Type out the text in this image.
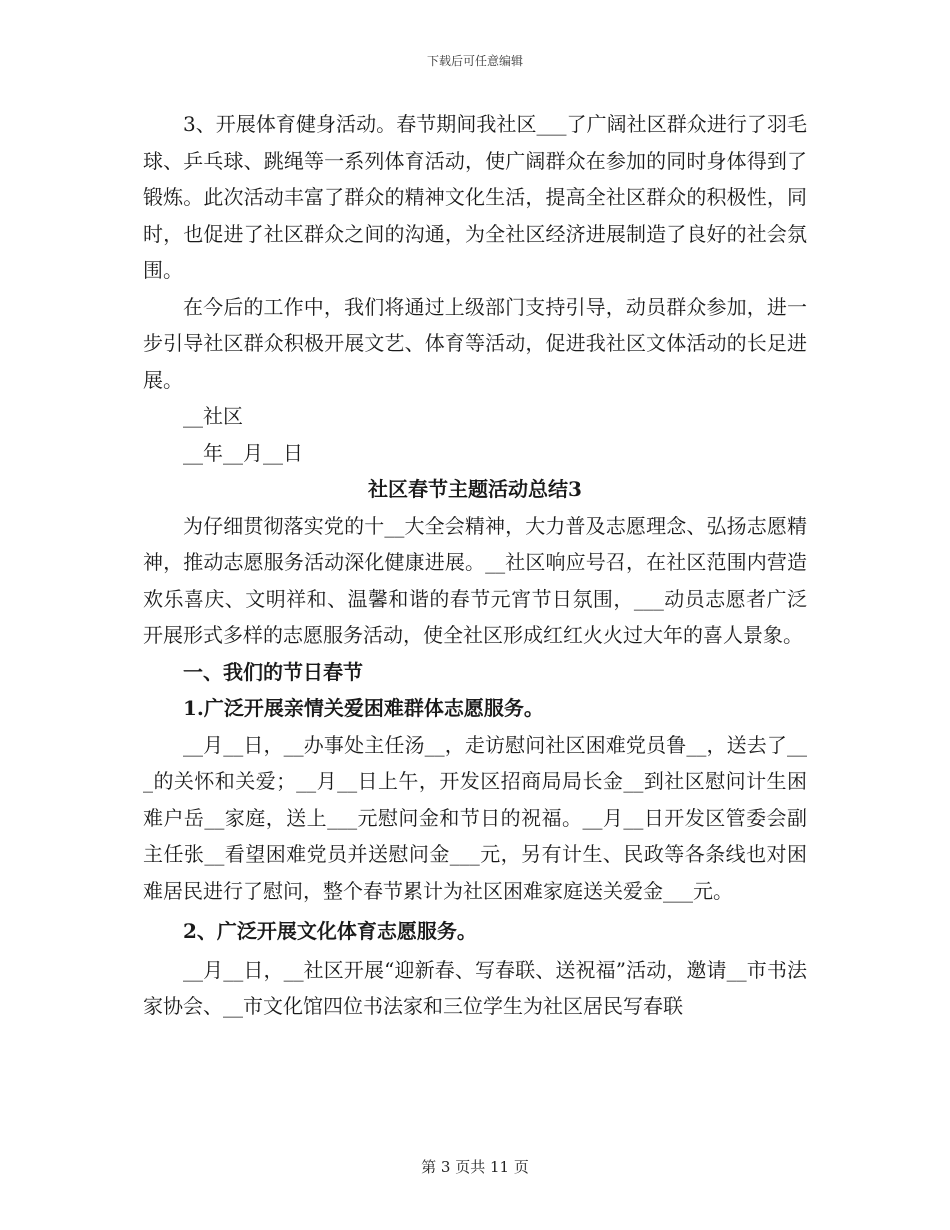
下载后可任意编辑

3、开展体育健身活动。春节期间我社区___了广阔社区群众进行了羽毛球、乒乓球、跳绳等一系列体育活动，使广阔群众在参加的同时身体得到了锻炼。此次活动丰富了群众的精神文化生活，提高全社区群众的积极性，同时，也促进了社区群众之间的沟通，为全社区经济进展制造了良好的社会氛围。

在今后的工作中，我们将通过上级部门支持引导，动员群众参加，进一步引导社区群众积极开展文艺、体育等活动，促进我社区文体活动的长足进展。

__社区

__年__月__日

社区春节主题活动总结3

为仔细贯彻落实党的十__大全会精神，大力普及志愿理念、弘扬志愿精神，推动志愿服务活动深化健康进展。__社区响应号召，在社区范围内营造欢乐喜庆、文明祥和、温馨和谐的春节元宵节日氛围，___动员志愿者广泛开展形式多样的志愿服务活动，使全社区形成红红火火过大年的喜人景象。

一、我们的节日春节

1.广泛开展亲情关爱困难群体志愿服务。

__月__日，__办事处主任汤__，走访慰问社区困难党员鲁__，送去了___的关怀和关爱；__月__日上午，开发区招商局局长金__到社区慰问计生困难户岳__家庭，送上___元慰问金和节日的祝福。__月__日开发区管委会副主任张__看望困难党员并送慰问金___元，另有计生、民政等各条线也对困难居民进行了慰问，整个春节累计为社区困难家庭送关爱金___元。

2、广泛开展文化体育志愿服务。

__月__日，__社区开展“迎新春、写春联、送祝福”活动，邀请__市书法家协会、__市文化馆四位书法家和三位学生为社区居民写春联

第 3 页共 11 页
